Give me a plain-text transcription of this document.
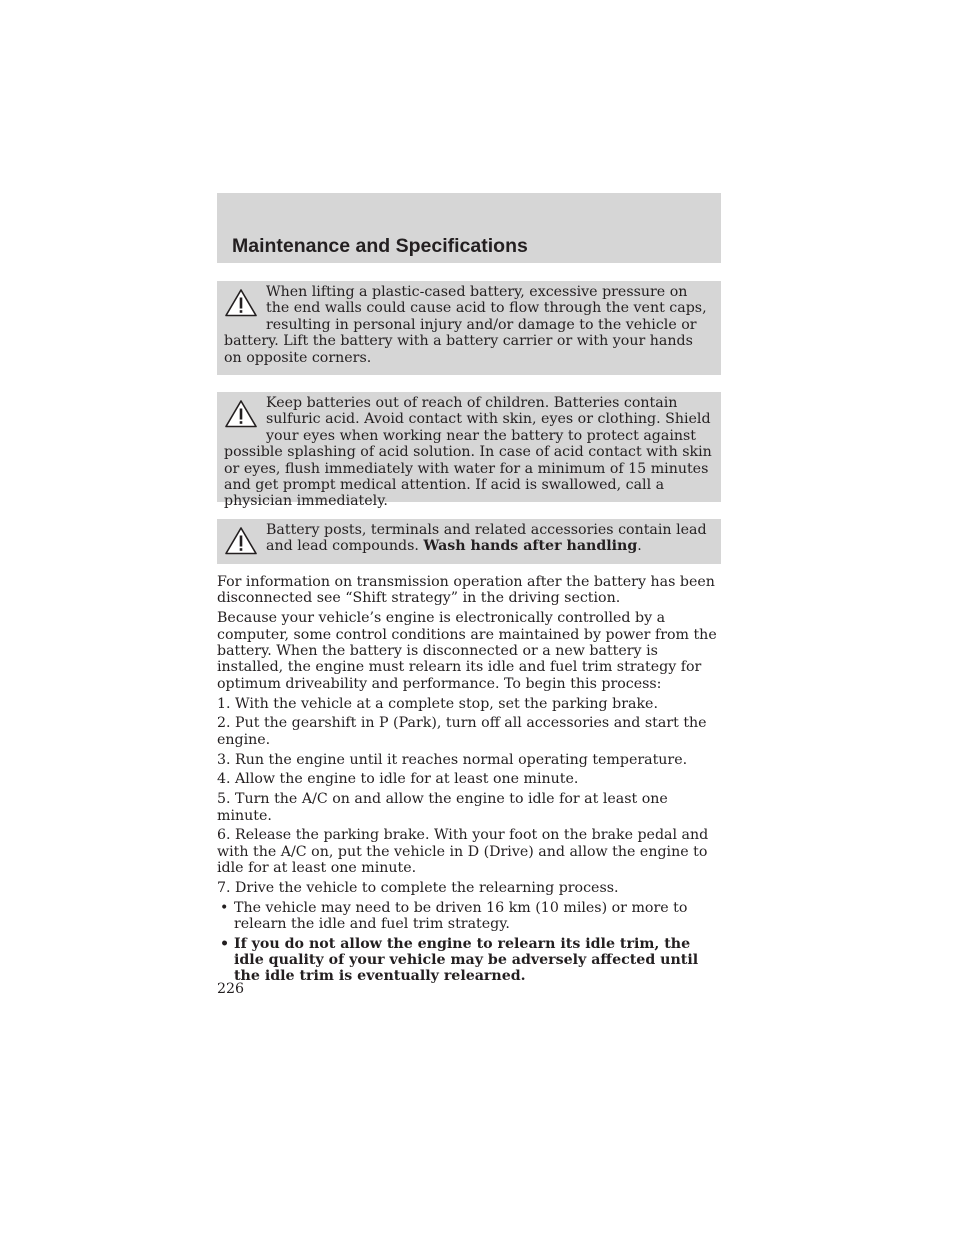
Maintenance and Specifications

When lifting a plastic-cased battery, excessive pressure on the end walls could cause acid to flow through the vent caps, resulting in personal injury and/or damage to the vehicle or battery. Lift the battery with a battery carrier or with your hands on opposite corners.

Keep batteries out of reach of children. Batteries contain sulfuric acid. Avoid contact with skin, eyes or clothing. Shield your eyes when working near the battery to protect against possible splashing of acid solution. In case of acid contact with skin or eyes, flush immediately with water for a minimum of 15 minutes and get prompt medical attention. If acid is swallowed, call a physician immediately.

Battery posts, terminals and related accessories contain lead and lead compounds. Wash hands after handling.

For information on transmission operation after the battery has been disconnected see “Shift strategy” in the driving section.

Because your vehicle’s engine is electronically controlled by a computer, some control conditions are maintained by power from the battery. When the battery is disconnected or a new battery is installed, the engine must relearn its idle and fuel trim strategy for optimum driveability and performance. To begin this process:

1. With the vehicle at a complete stop, set the parking brake.

2. Put the gearshift in P (Park), turn off all accessories and start the engine.

3. Run the engine until it reaches normal operating temperature.

4. Allow the engine to idle for at least one minute.

5. Turn the A/C on and allow the engine to idle for at least one minute.

6. Release the parking brake. With your foot on the brake pedal and with the A/C on, put the vehicle in D (Drive) and allow the engine to idle for at least one minute.

7. Drive the vehicle to complete the relearning process.

• The vehicle may need to be driven 16 km (10 miles) or more to relearn the idle and fuel trim strategy.
• If you do not allow the engine to relearn its idle trim, the idle quality of your vehicle may be adversely affected until the idle trim is eventually relearned.
226
